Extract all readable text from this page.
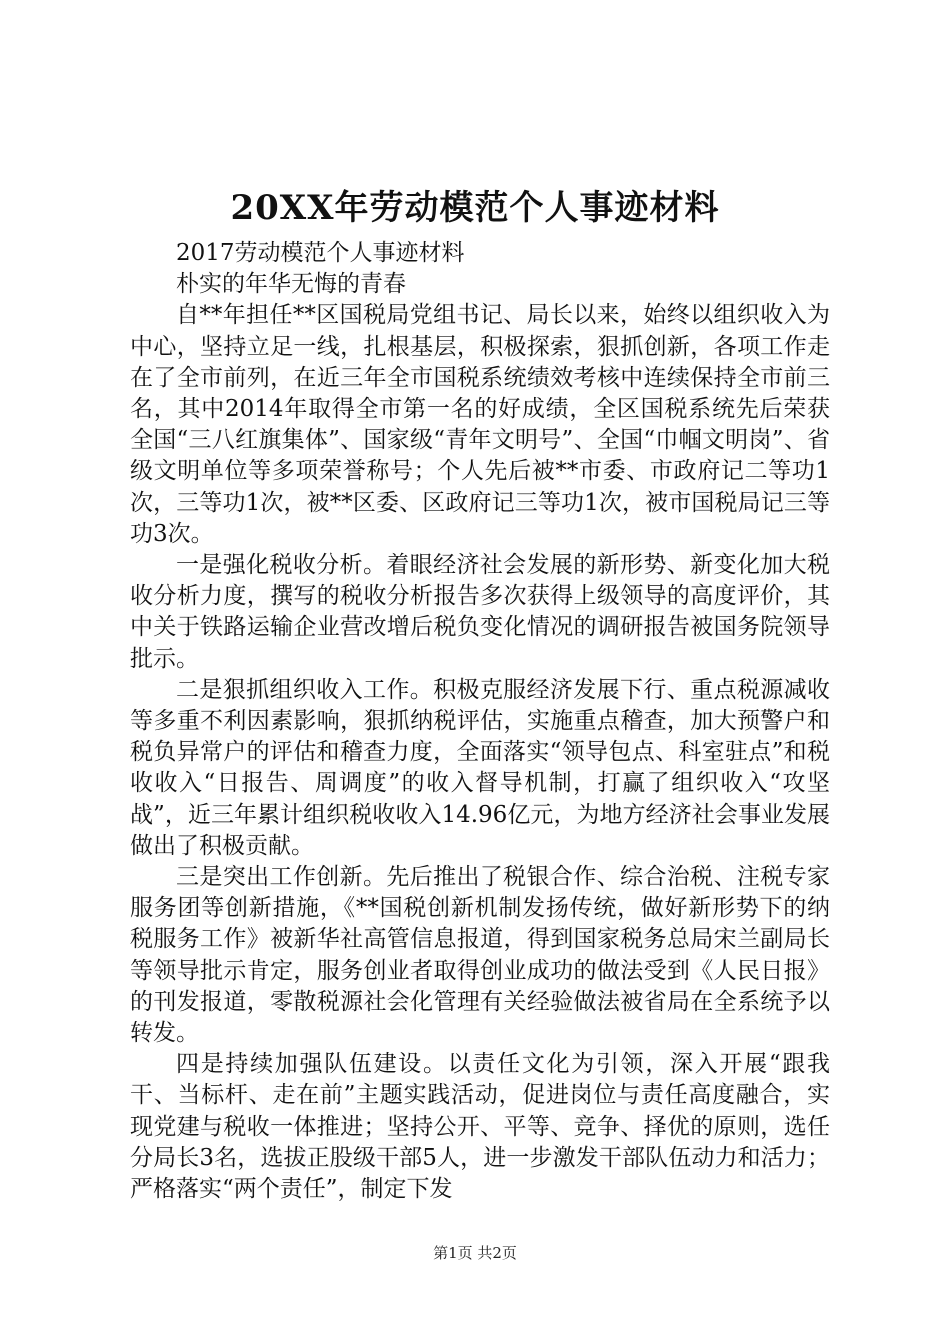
20XX年劳动模范个人事迹材料

2017劳动模范个人事迹材料

朴实的年华无悔的青春

自**年担任**区国税局党组书记、局长以来，始终以组织收入为中心，坚持立足一线，扎根基层，积极探索，狠抓创新，各项工作走在了全市前列，在近三年全市国税系统绩效考核中连续保持全市前三名，其中2014年取得全市第一名的好成绩，全区国税系统先后荣获全国“三八红旗集体”、国家级“青年文明号”、全国“巾帼文明岗”、省级文明单位等多项荣誉称号；个人先后被**市委、市政府记二等功1次，三等功1次，被**区委、区政府记三等功1次，被市国税局记三等功3次。

一是强化税收分析。着眼经济社会发展的新形势、新变化加大税收分析力度，撰写的税收分析报告多次获得上级领导的高度评价，其中关于铁路运输企业营改增后税负变化情况的调研报告被国务院领导批示。

二是狠抓组织收入工作。积极克服经济发展下行、重点税源减收等多重不利因素影响，狠抓纳税评估，实施重点稽查，加大预警户和税负异常户的评估和稽查力度，全面落实“领导包点、科室驻点”和税收收入“日报告、周调度”的收入督导机制，打赢了组织收入“攻坚战”，近三年累计组织税收收入14.96亿元，为地方经济社会事业发展做出了积极贡献。

三是突出工作创新。先后推出了税银合作、综合治税、注税专家服务团等创新措施，《**国税创新机制发扬传统，做好新形势下的纳税服务工作》被新华社高管信息报道，得到国家税务总局宋兰副局长等领导批示肯定，服务创业者取得创业成功的做法受到《人民日报》的刊发报道，零散税源社会化管理有关经验做法被省局在全系统予以转发。

四是持续加强队伍建设。以责任文化为引领，深入开展“跟我干、当标杆、走在前”主题实践活动，促进岗位与责任高度融合，实现党建与税收一体推进；坚持公开、平等、竞争、择优的原则，选任分局长3名，选拔正股级干部5人，进一步激发干部队伍动力和活力；严格落实“两个责任”，制定下发

第1页 共2页
